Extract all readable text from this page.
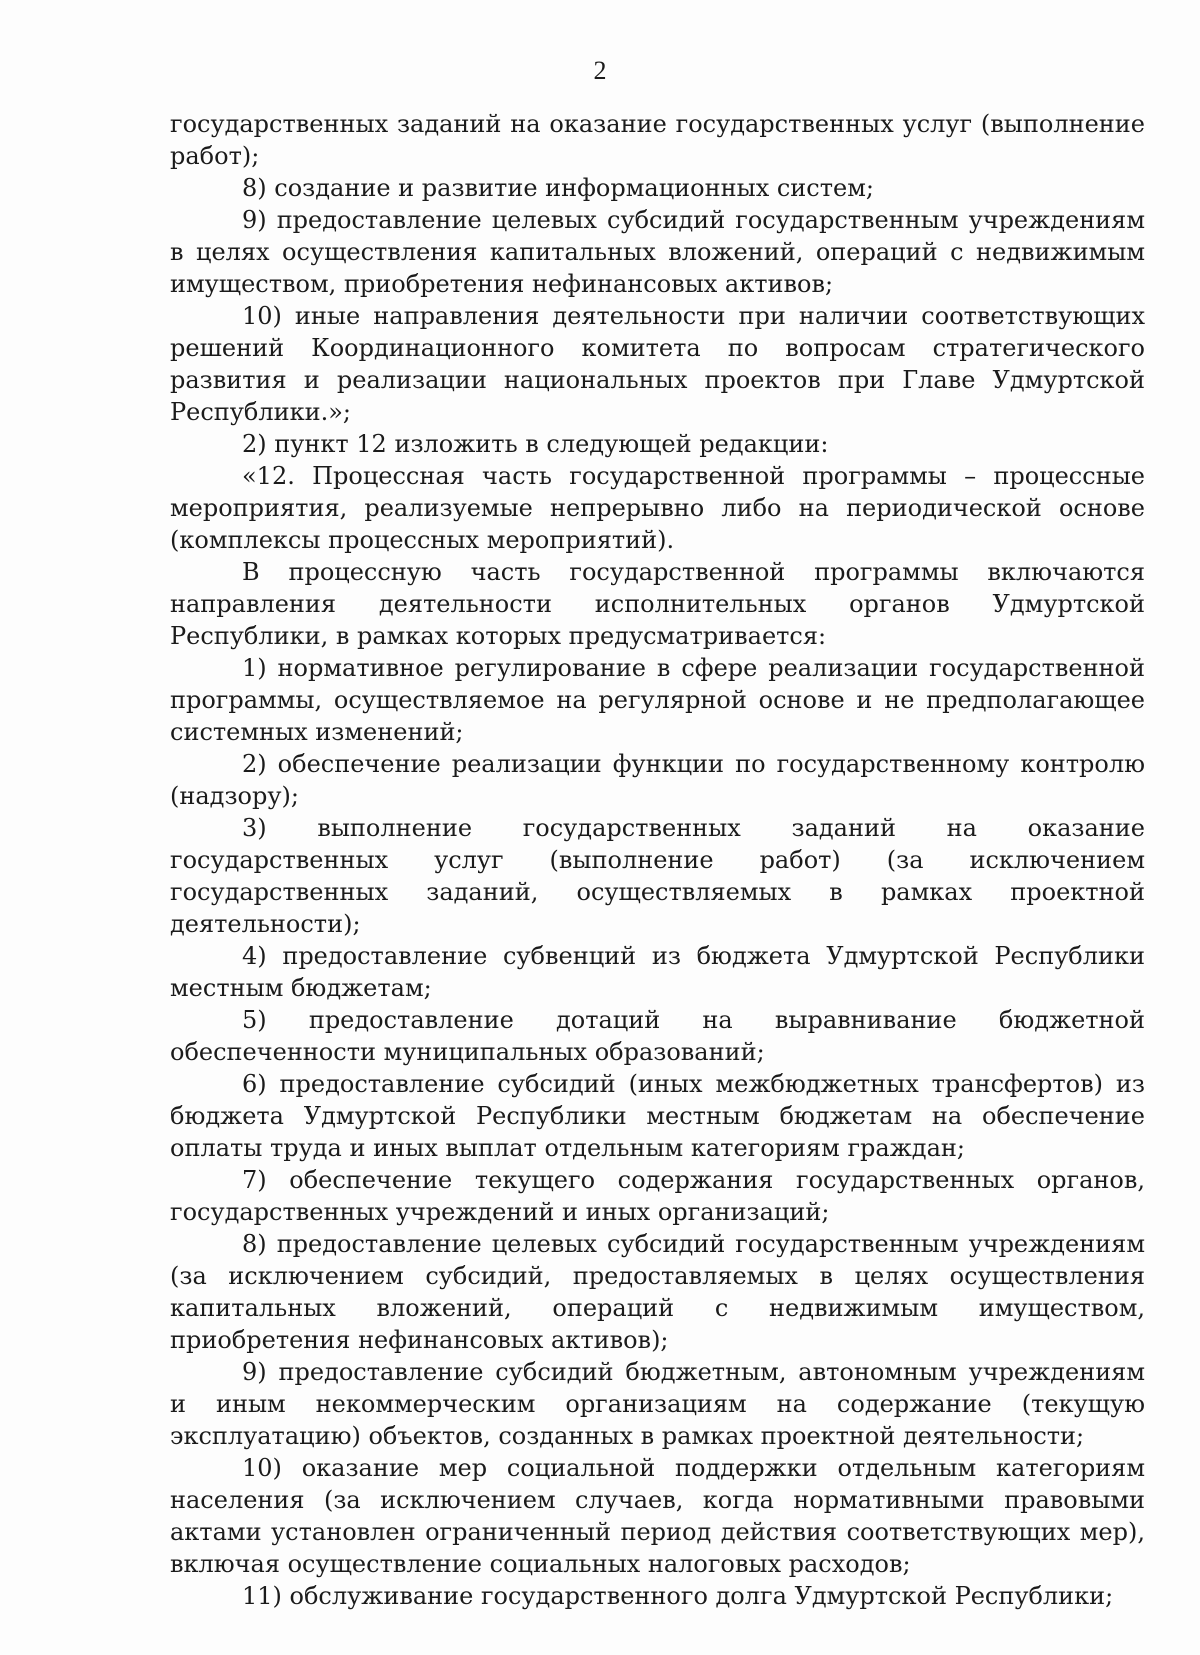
2

государственных заданий на оказание государственных услуг (выполнение работ);

8) создание и развитие информационных систем;

9) предоставление целевых субсидий государственным учреждениям в целях осуществления капитальных вложений, операций с недвижимым имуществом, приобретения нефинансовых активов;

10) иные направления деятельности при наличии соответствующих решений Координационного комитета по вопросам стратегического развития и реализации национальных проектов при Главе Удмуртской Республики.»;

2) пункт 12 изложить в следующей редакции:

«12. Процессная часть государственной программы – процессные мероприятия, реализуемые непрерывно либо на периодической основе (комплексы процессных мероприятий).

В процессную часть государственной программы включаются направления деятельности исполнительных органов Удмуртской Республики, в рамках которых предусматривается:

1) нормативное регулирование в сфере реализации государственной программы, осуществляемое на регулярной основе и не предполагающее системных изменений;

2) обеспечение реализации функции по государственному контролю (надзору);

3) выполнение государственных заданий на оказание государственных услуг (выполнение работ) (за исключением государственных заданий, осуществляемых в рамках проектной деятельности);

4) предоставление субвенций из бюджета Удмуртской Республики местным бюджетам;

5) предоставление дотаций на выравнивание бюджетной обеспеченности муниципальных образований;

6) предоставление субсидий (иных межбюджетных трансфертов) из бюджета Удмуртской Республики местным бюджетам на обеспечение оплаты труда и иных выплат отдельным категориям граждан;

7) обеспечение текущего содержания государственных органов, государственных учреждений и иных организаций;

8) предоставление целевых субсидий государственным учреждениям (за исключением субсидий, предоставляемых в целях осуществления капитальных вложений, операций с недвижимым имуществом, приобретения нефинансовых активов);

9) предоставление субсидий бюджетным, автономным учреждениям и иным некоммерческим организациям на содержание (текущую эксплуатацию) объектов, созданных в рамках проектной деятельности;

10) оказание мер социальной поддержки отдельным категориям населения (за исключением случаев, когда нормативными правовыми актами установлен ограниченный период действия соответствующих мер), включая осуществление социальных налоговых расходов;

11) обслуживание государственного долга Удмуртской Республики;
